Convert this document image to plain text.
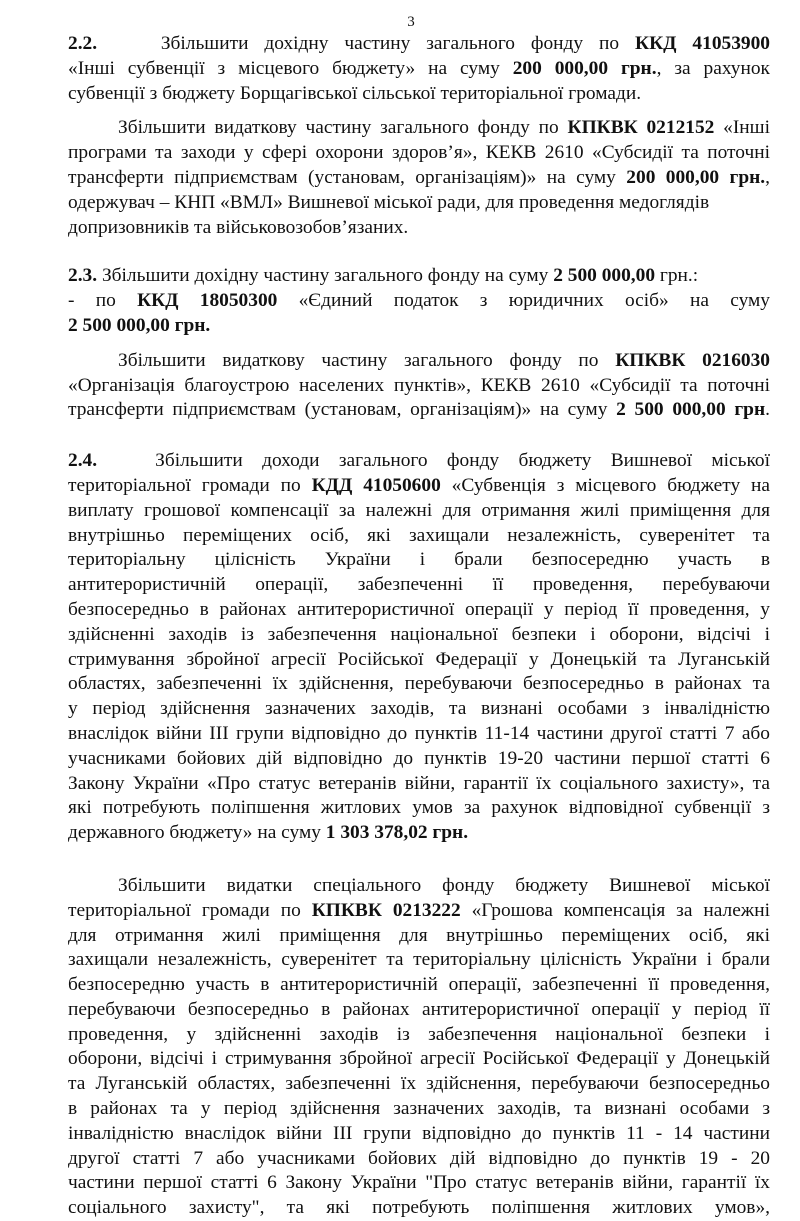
3
2.2.	Збільшити дохідну частину загального фонду по ККД 41053900
«Інші субвенції з місцевого бюджету» на суму 200 000,00 грн., за рахунок
субвенції з бюджету Борщагівської сільської територіальної громади.
Збільшити видаткову частину загального фонду по КПКВК 0212152 «Інші
програми та заходи у сфері охорони здоров’я», КЕКВ 2610 «Субсидії та поточні
трансферти підприємствам (установам, організаціям)» на суму 200 000,00 грн.,
одержувач – КНП «ВМЛ» Вишневої міської ради, для проведення медоглядів
допризовників та військовозобов’язаних.
2.3. Збільшити дохідну частину загального фонду на суму 2 500 000,00 грн.:
- по ККД 18050300 «Єдиний податок з юридичних осіб» на суму
2 500 000,00 грн.
Збільшити видаткову частину загального фонду по КПКВК 0216030
«Організація благоустрою населених пунктів», КЕКВ 2610 «Субсидії та поточні
трансферти підприємствам (установам, організаціям)» на суму 2 500 000,00 грн.
2.4.	Збільшити доходи загального фонду бюджету Вишневої міської
територіальної громади по КДД 41050600 «Субвенція з місцевого бюджету на
виплату грошової компенсації за належні для отримання жилі приміщення для
внутрішньо переміщених осіб, які захищали незалежність, суверенітет та
територіальну цілісність України і брали безпосередню участь в
антитерористичній операції, забезпеченні її проведення, перебуваючи
безпосередньо в районах антитерористичної операції у період її проведення, у
здійсненні заходів із забезпечення національної безпеки і оборони, відсічі і
стримування збройної агресії Російської Федерації у Донецькій та Луганській
областях, забезпеченні їх здійснення, перебуваючи безпосередньо в районах та
у період здійснення зазначених заходів, та визнані особами з інвалідністю
внаслідок війни ІІІ групи відповідно до пунктів 11-14 частини другої статті 7 або
учасниками бойових дій відповідно до пунктів 19-20 частини першої статті 6
Закону України «Про статус ветеранів війни, гарантії їх соціального захисту», та
які потребують поліпшення житлових умов за рахунок відповідної субвенції з
державного бюджету» на суму 1 303 378,02 грн.
Збільшити видатки спеціального фонду бюджету Вишневої міської
територіальної громади по КПКВК 0213222 «Грошова компенсація за належні
для отримання жилі приміщення для внутрішньо переміщених осіб, які
захищали незалежність, суверенітет та територіальну цілісність України і брали
безпосередню участь в антитерористичній операції, забезпеченні її проведення,
перебуваючи безпосередньо в районах антитерористичної операції у період її
проведення, у здійсненні заходів із забезпечення національної безпеки і
оборони, відсічі і стримування збройної агресії Російської Федерації у Донецькій
та Луганській областях, забезпеченні їх здійснення, перебуваючи безпосередньо
в районах та у період здійснення зазначених заходів, та визнані особами з
інвалідністю внаслідок війни ІІІ групи відповідно до пунктів 11 - 14 частини
другої статті 7 або учасниками бойових дій відповідно до пунктів 19 - 20
частини першої статті 6 Закону України "Про статус ветеранів війни, гарантії їх
соціального захисту", та які потребують поліпшення житлових умов»,
